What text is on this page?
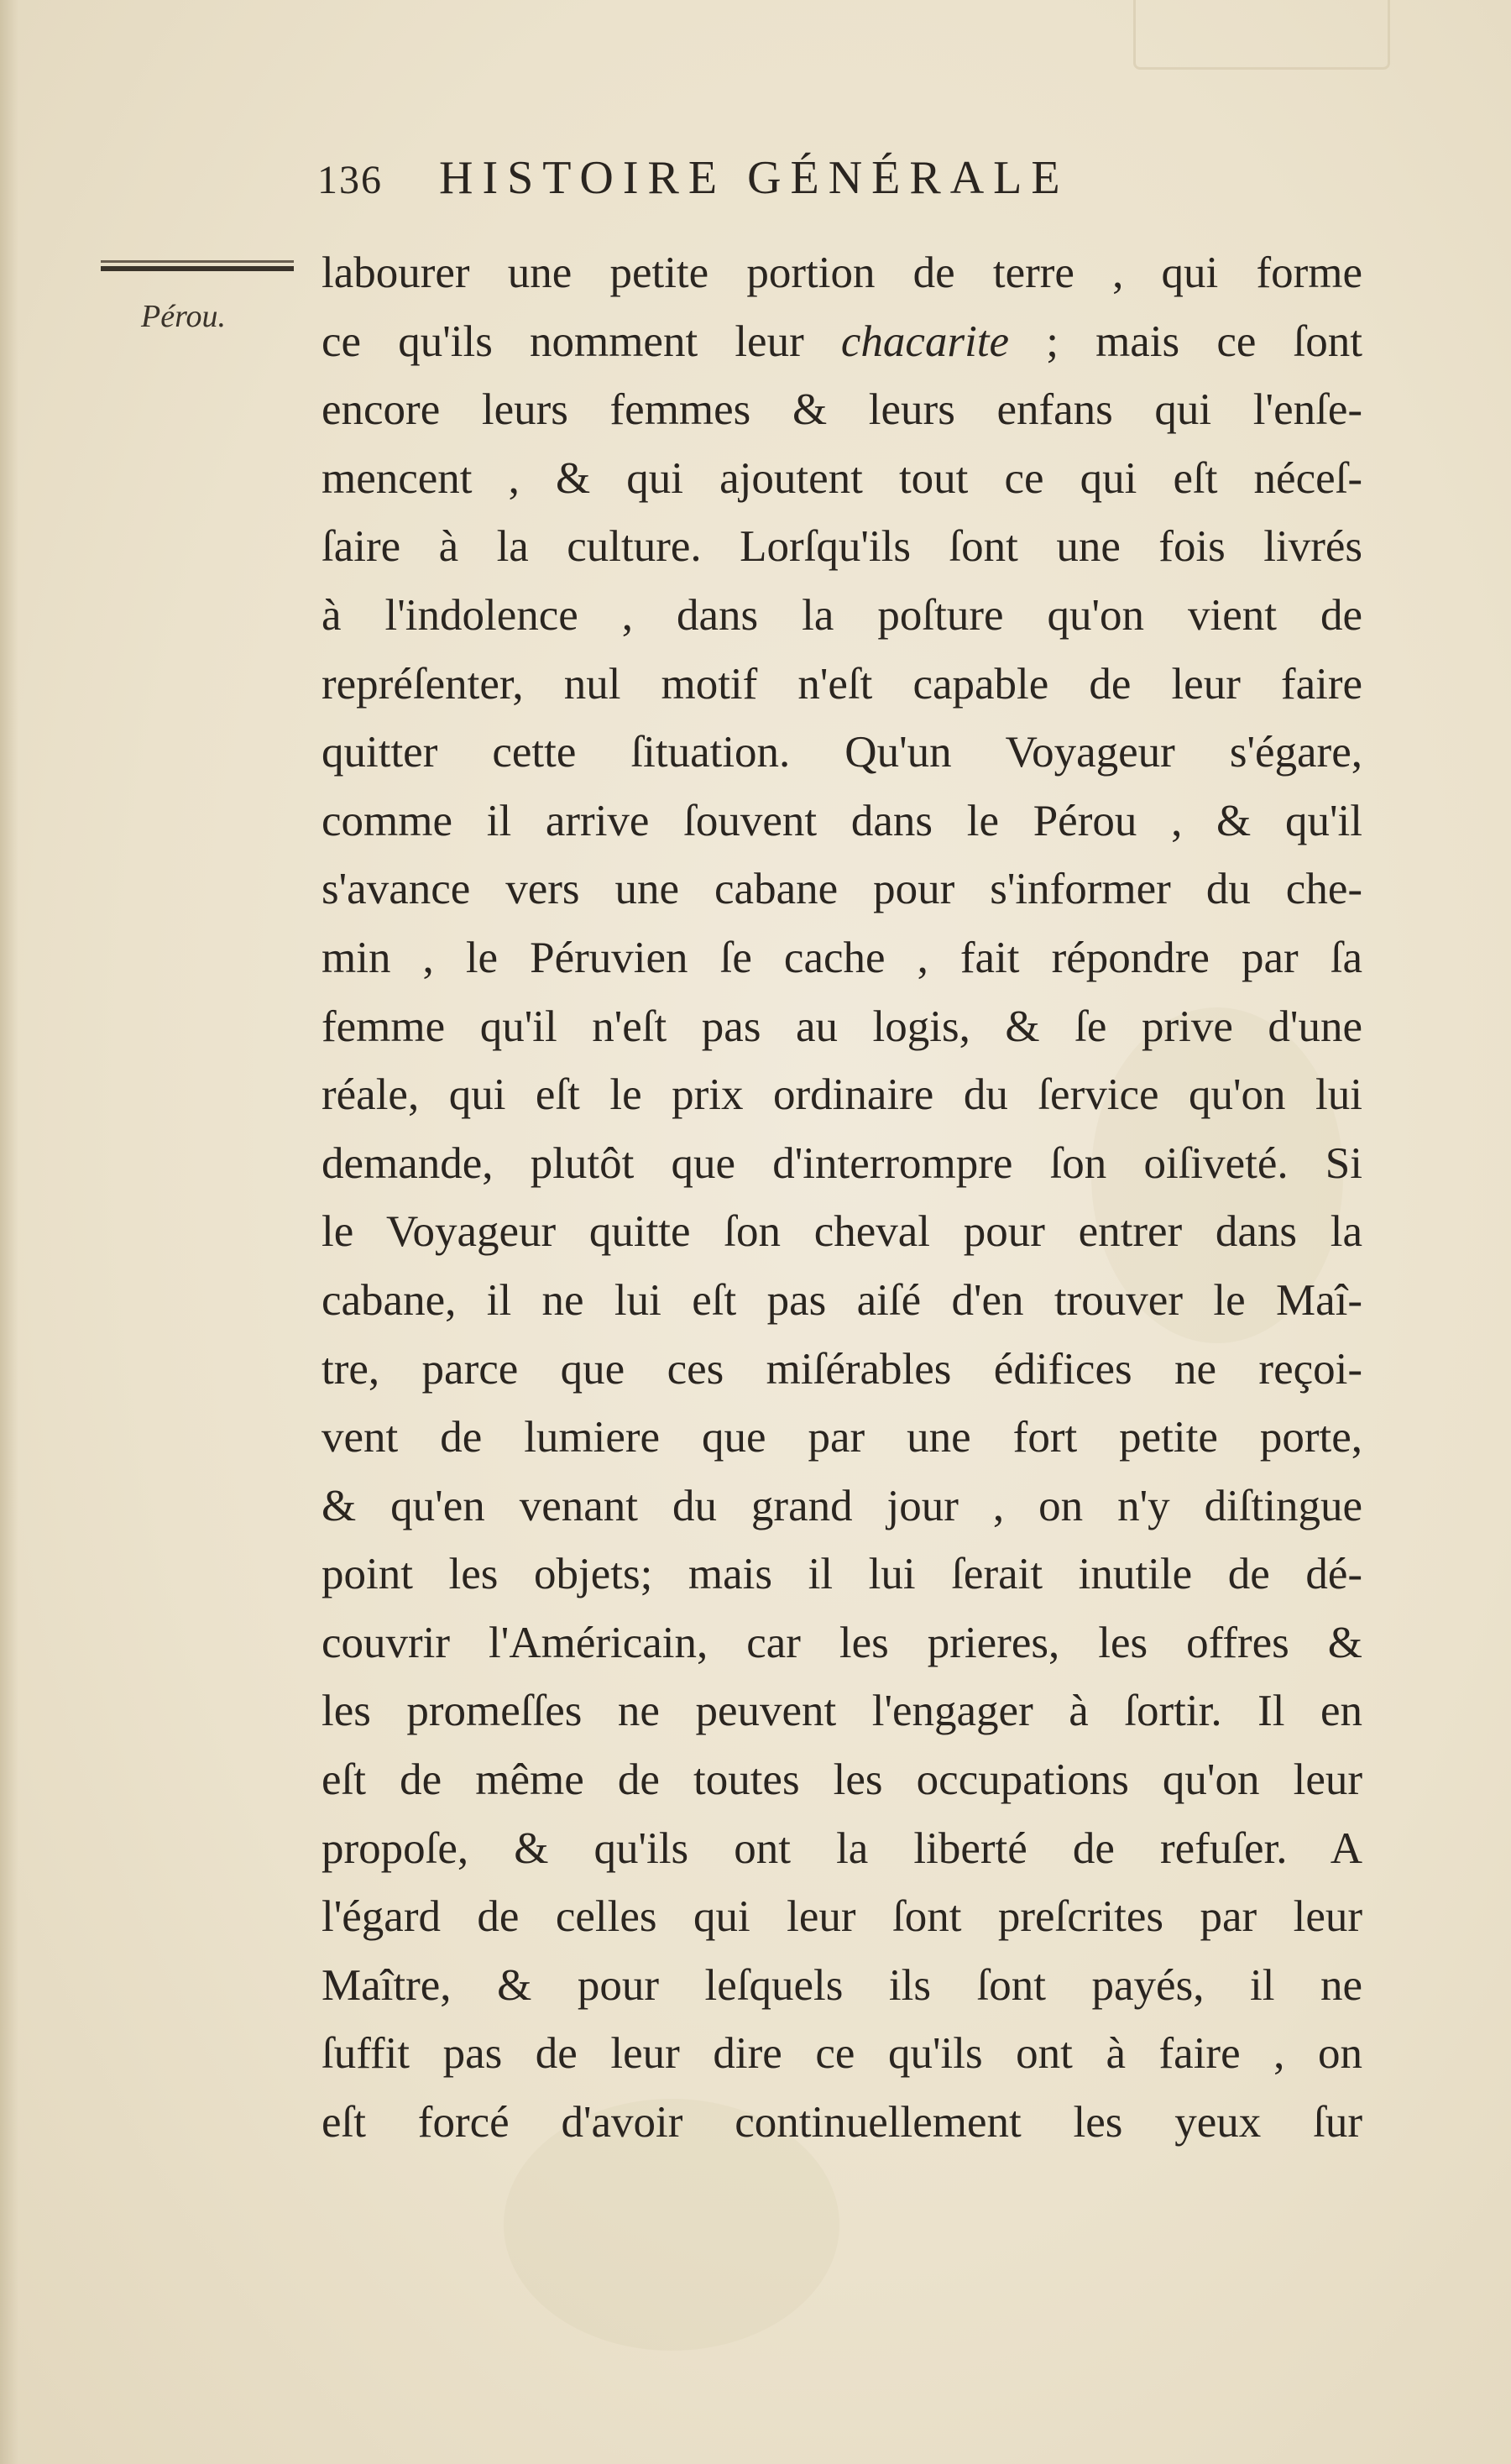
136 HISTOIRE GÉNÉRALE
Pérou.
labourer une petite portion de terre , qui forme
ce qu'ils nomment leur chacarite ; mais ce ſont
encore leurs femmes & leurs enfans qui l'enſe-
mencent , & qui ajoutent tout ce qui eſt néceſ-
ſaire à la culture. Lorſqu'ils ſont une fois livrés
à l'indolence , dans la poſture qu'on vient de
repréſenter, nul motif n'eſt capable de leur faire
quitter cette ſituation. Qu'un Voyageur s'égare,
comme il arrive ſouvent dans le Pérou , & qu'il
s'avance vers une cabane pour s'informer du che-
min , le Péruvien ſe cache , fait répondre par ſa
femme qu'il n'eſt pas au logis, & ſe prive d'une
réale, qui eſt le prix ordinaire du ſervice qu'on lui
demande, plutôt que d'interrompre ſon oiſiveté. Si
le Voyageur quitte ſon cheval pour entrer dans la
cabane, il ne lui eſt pas aiſé d'en trouver le Maî-
tre, parce que ces miſérables édifices ne reçoi-
vent de lumiere que par une fort petite porte,
& qu'en venant du grand jour , on n'y diſtingue
point les objets; mais il lui ſerait inutile de dé-
couvrir l'Américain, car les prieres, les offres &
les promeſſes ne peuvent l'engager à ſortir. Il en
eſt de même de toutes les occupations qu'on leur
propoſe, & qu'ils ont la liberté de refuſer. A
l'égard de celles qui leur ſont preſcrites par leur
Maître, & pour leſquels ils ſont payés, il ne
ſuffit pas de leur dire ce qu'ils ont à faire , on
eſt forcé d'avoir continuellement les yeux ſur
